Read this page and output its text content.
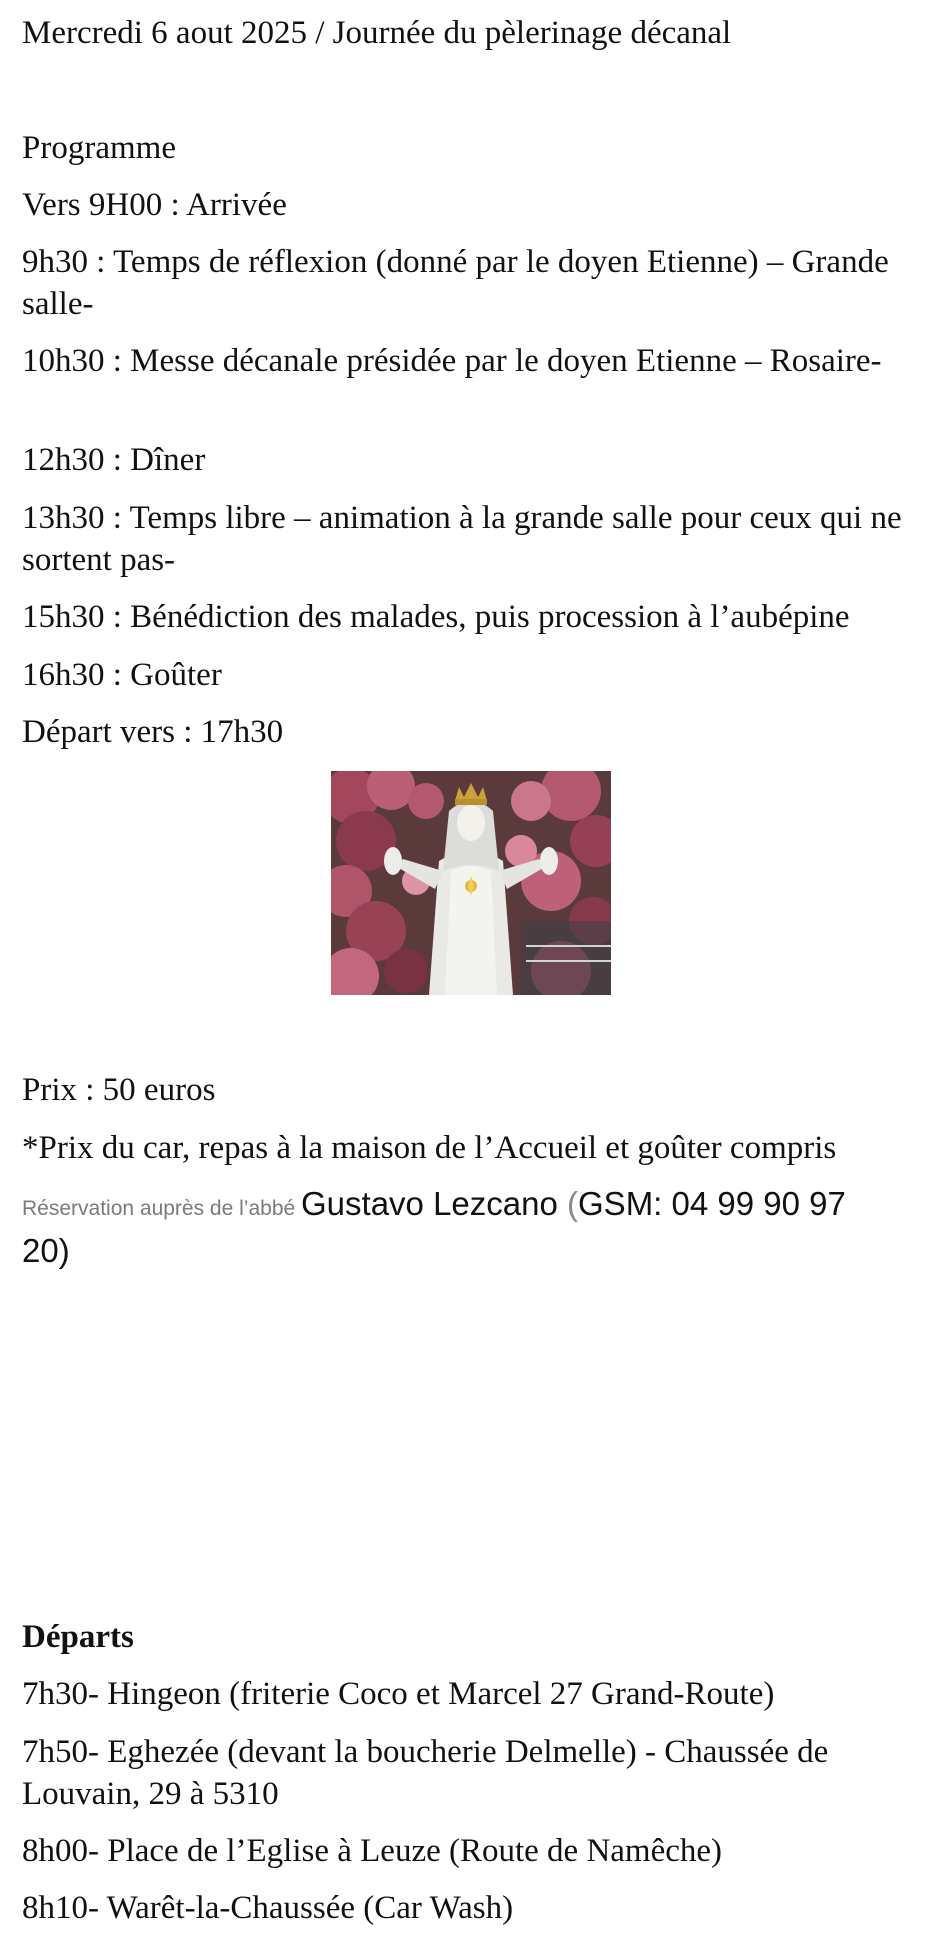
Mercredi 6 aout 2025 / Journée du pèlerinage décanal

Programme

Vers 9H00 : Arrivée

9h30 : Temps de réflexion (donné par le doyen Etienne) – Grande salle-

10h30 : Messe décanale présidée par le doyen Etienne – Rosaire-

12h30 : Dîner

13h30 : Temps libre – animation à la grande salle pour ceux qui ne sortent pas-

15h30 : Bénédiction des malades, puis procession à l’aubépine

16h30 : Goûter

Départ vers : 17h30

Prix : 50 euros

*Prix du car, repas à la maison de l’Accueil et goûter compris

Réservation auprès de l’abbé Gustavo Lezcano (GSM: 04 99 90 97 20)

Départs

7h30- Hingeon (friterie Coco et Marcel 27 Grand-Route)

7h50- Eghezée (devant la boucherie Delmelle) - Chaussée de Louvain, 29 à 5310

8h00- Place de l’Eglise à Leuze (Route de Namêche)

8h10- Warêt-la-Chaussée (Car Wash)
